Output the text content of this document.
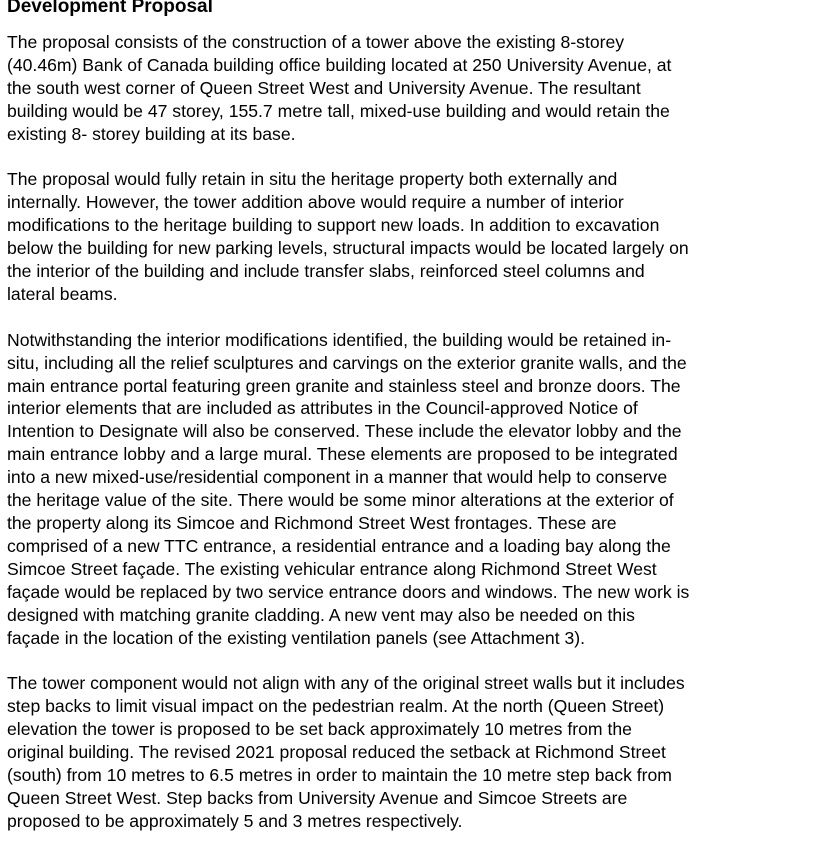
Development Proposal
The proposal consists of the construction of a tower above the existing 8-storey
(40.46m) Bank of Canada building office building located at 250 University Avenue, at
the south west corner of Queen Street West and University Avenue. The resultant
building would be 47 storey, 155.7 metre tall, mixed-use building and would retain the
existing 8- storey building at its base.
The proposal would fully retain in situ the heritage property both externally and
internally. However, the tower addition above would require a number of interior
modifications to the heritage building to support new loads. In addition to excavation
below the building for new parking levels, structural impacts would be located largely on
the interior of the building and include transfer slabs, reinforced steel columns and
lateral beams.
Notwithstanding the interior modifications identified, the building would be retained in-
situ, including all the relief sculptures and carvings on the exterior granite walls, and the
main entrance portal featuring green granite and stainless steel and bronze doors. The
interior elements that are included as attributes in the Council-approved Notice of
Intention to Designate will also be conserved. These include the elevator lobby and the
main entrance lobby and a large mural. These elements are proposed to be integrated
into a new mixed-use/residential component in a manner that would help to conserve
the heritage value of the site. There would be some minor alterations at the exterior of
the property along its Simcoe and Richmond Street West frontages. These are
comprised of a new TTC entrance, a residential entrance and a loading bay along the
Simcoe Street façade. The existing vehicular entrance along Richmond Street West
façade would be replaced by two service entrance doors and windows. The new work is
designed with matching granite cladding. A new vent may also be needed on this
façade in the location of the existing ventilation panels (see Attachment 3).
The tower component would not align with any of the original street walls but it includes
step backs to limit visual impact on the pedestrian realm. At the north (Queen Street)
elevation the tower is proposed to be set back approximately 10 metres from the
original building. The revised 2021 proposal reduced the setback at Richmond Street
(south) from 10 metres to 6.5 metres in order to maintain the 10 metre step back from
Queen Street West. Step backs from University Avenue and Simcoe Streets are
proposed to be approximately 5 and 3 metres respectively.
